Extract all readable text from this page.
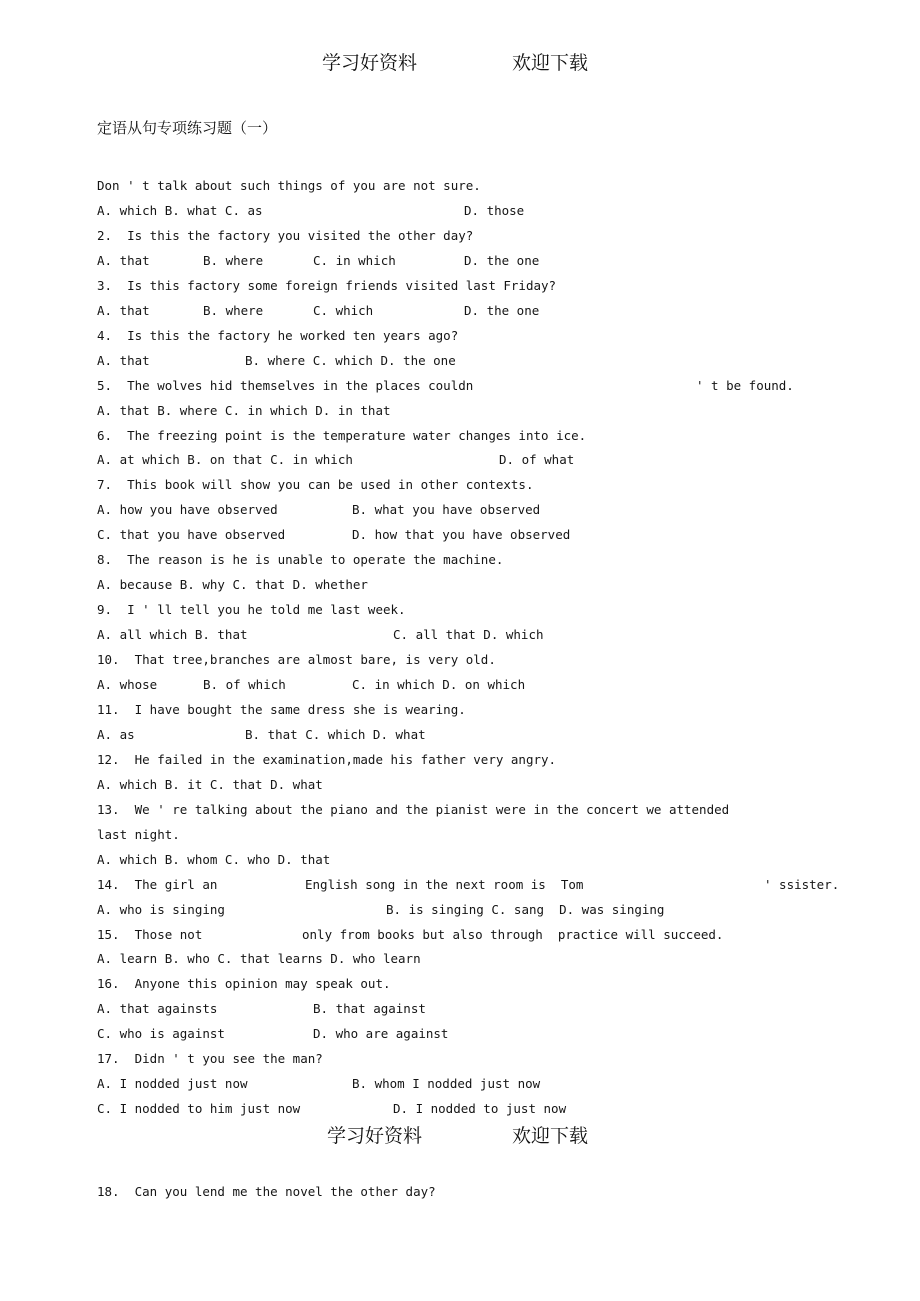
学习好资料	欢迎下载
定语从句专项练习题（一）
Don ' t talk about such things of you are not sure.
A. which B. what C. as	D. those
2.  Is this the factory you visited the other day?
A. that	B. where	C. in which	D. the one
3.  Is this factory some foreign friends visited last Friday?
A. that	B. where	C. which	D. the one
4.  Is this the factory he worked ten years ago?
A. that	B. where C. which D. the one
5.  The wolves hid themselves in the places couldn	' t be found.
A. that B. where C. in which D. in that
6.  The freezing point is the temperature water changes into ice.
A. at which B. on that C. in which	D. of what
7.  This book will show you can be used in other contexts.
A. how you have observed	B. what you have observed
C. that you have observed	D. how that you have observed
8.  The reason is he is unable to operate the machine.
A. because B. why C. that D. whether
9.  I ' ll tell you he told me last week.
A. all which B. that	C. all that D. which
10.  That tree,branches are almost bare, is very old.
A. whose	B. of which	C. in which D. on which
11.  I have bought the same dress she is wearing.
A. as	B. that C. which D. what
12.  He failed in the examination,made his father very angry.
A. which B. it C. that D. what
13.  We ' re talking about the piano and the pianist were in the concert we attended
last night.
A. which B. whom C. who D. that
14.  The girl an	English song in the next room is  Tom	' ssister.
A. who is singing	B. is singing C. sang  D. was singing
15.  Those not	only from books but also through  practice will succeed.
A. learn B. who C. that learns D. who learn
16.  Anyone this opinion may speak out.
A. that againsts	B. that against
C. who is against	D. who are against
17.  Didn ' t you see the man?
A. I nodded just now	B. whom I nodded just now
C. I nodded to him just now	D. I nodded to just now
18.  Can you lend me the novel the other day?
学习好资料	欢迎下载
